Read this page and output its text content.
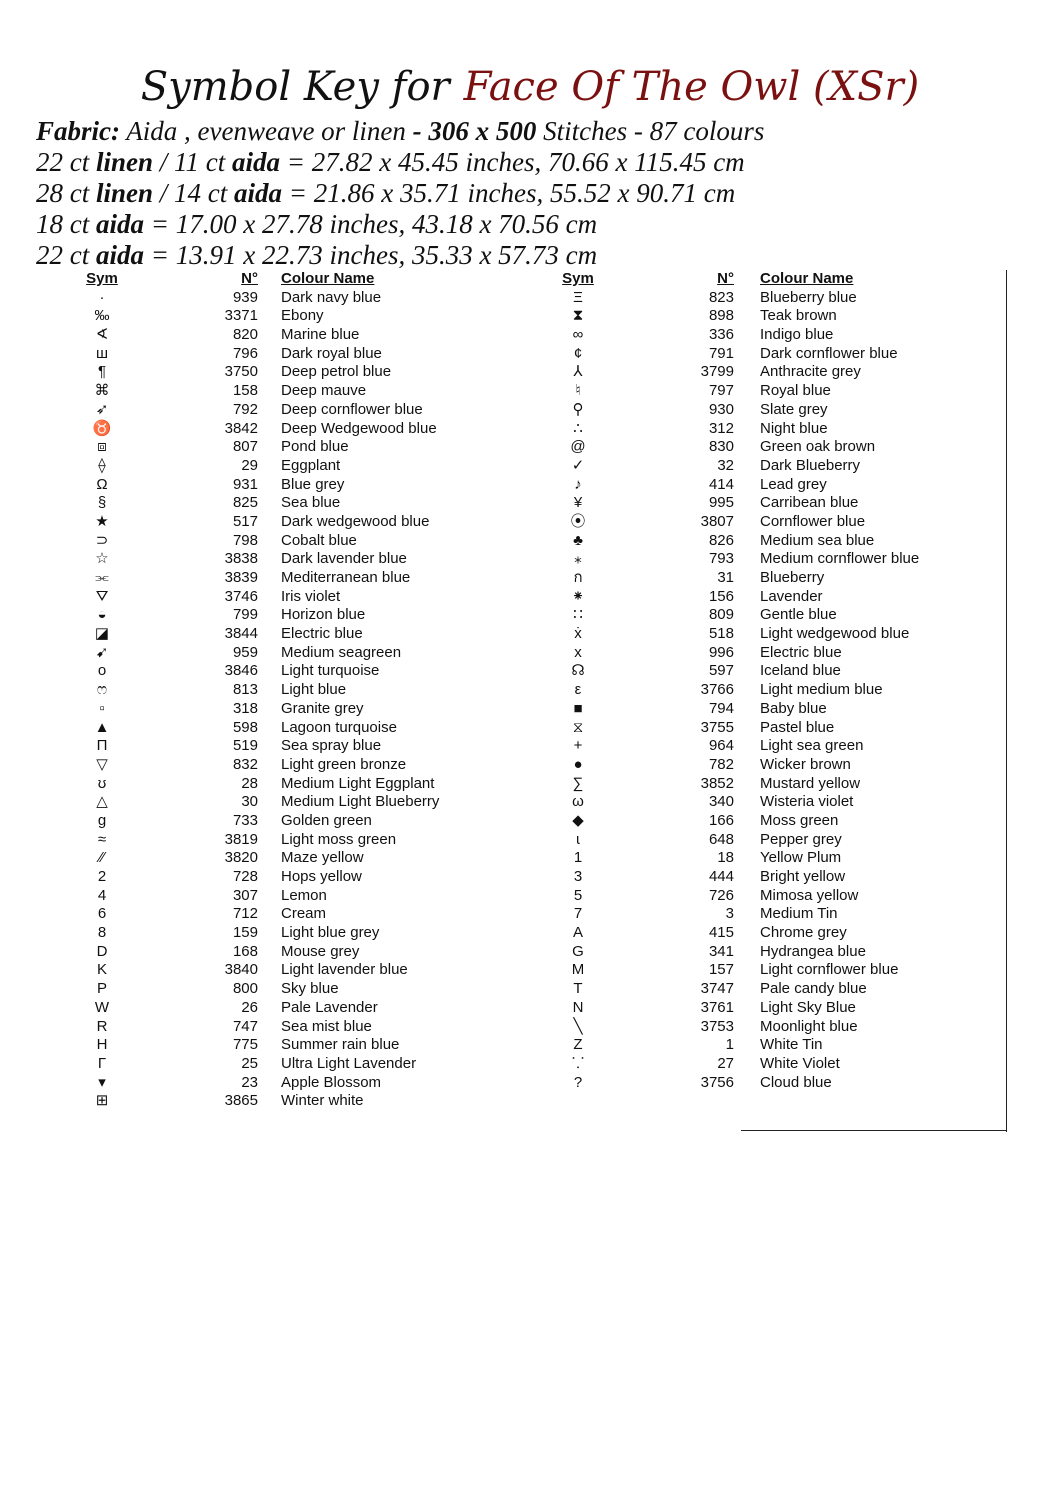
Symbol Key for Face Of The Owl (XSr)
Fabric: Aida , evenweave or linen - 306 x 500 Stitches - 87 colours
22 ct linen / 11 ct aida = 27.82 x 45.45 inches, 70.66 x 115.45 cm
28 ct linen / 14 ct aida = 21.86 x 35.71 inches, 55.52 x 90.71 cm
18 ct aida = 17.00 x 27.78 inches, 43.18 x 70.56 cm
22 ct aida = 13.91 x 22.73 inches, 35.33 x 57.73 cm
Sym	N° Colour Name
·	939 Dark navy blue
‰	3371 Ebony
∢	820 Marine blue
ш	796 Dark royal blue
¶	3750 Deep petrol blue
⌘	158 Deep mauve
➶	792 Deep cornflower blue
♉	3842 Deep Wedgewood blue
⧈	807 Pond blue
⟠	29 Eggplant
Ω	931 Blue grey
§	825 Sea blue
★	517 Dark wedgewood blue
⊃	798 Cobalt blue
☆	3838 Dark lavender blue
⫘	3839 Mediterranean blue
⛛	3746 Iris violet
◒	799 Horizon blue
◪	3844 Electric blue
➹	959 Medium seagreen
o	3846 Light turquoise
ෆ	813 Light blue
▫	318 Granite grey
▲	598 Lagoon turquoise
Π	519 Sea spray blue
▽	832 Light green bronze
ʊ	28 Medium Light Eggplant
△	30 Medium Light Blueberry
g	733 Golden green
≈	3819 Light moss green
⁄⁄	3820 Maze yellow
2	728 Hops yellow
4	307 Lemon
6	712 Cream
8	159 Light blue grey
D	168 Mouse grey
K	3840 Light lavender blue
P	800 Sky blue
W	26 Pale Lavender
R	747 Sea mist blue
H	775 Summer rain blue
Γ	25 Ultra Light Lavender
▾	23 Apple Blossom
⊞	3865 Winter white
Sym	N° Colour Name
Ξ	823 Blueberry blue
⧗	898 Teak brown
∞	336 Indigo blue
¢	791 Dark cornflower blue
⅄	3799 Anthracite grey
♮	797 Royal blue
⚲	930 Slate grey
∴	312 Night blue
@	830 Green oak brown
✓	32 Dark Blueberry
♪	414 Lead grey
¥	995 Carribean blue
⦿	3807 Cornflower blue
♣	826 Medium sea blue
⁎	793 Medium cornflower blue
ก	31 Blueberry
⁕	156 Lavender
∷	809 Gentle blue
ẋ	518 Light wedgewood blue
x	996 Electric blue
☊	597 Iceland blue
ε	3766 Light medium blue
■	794 Baby blue
⧖	3755 Pastel blue
+	964 Light sea green
●	782 Wicker brown
∑	3852 Mustard yellow
ω	340 Wisteria violet
◆	166 Moss green
ɩ	648 Pepper grey
1	18 Yellow Plum
3	444 Bright yellow
5	726 Mimosa yellow
7	3 Medium Tin
A	415 Chrome grey
G	341 Hydrangea blue
M	157 Light cornflower blue
T	3747 Pale candy blue
N	3761 Light Sky Blue
╲	3753 Moonlight blue
Z	1 White Tin
⸪	27 White Violet
?	3756 Cloud blue
